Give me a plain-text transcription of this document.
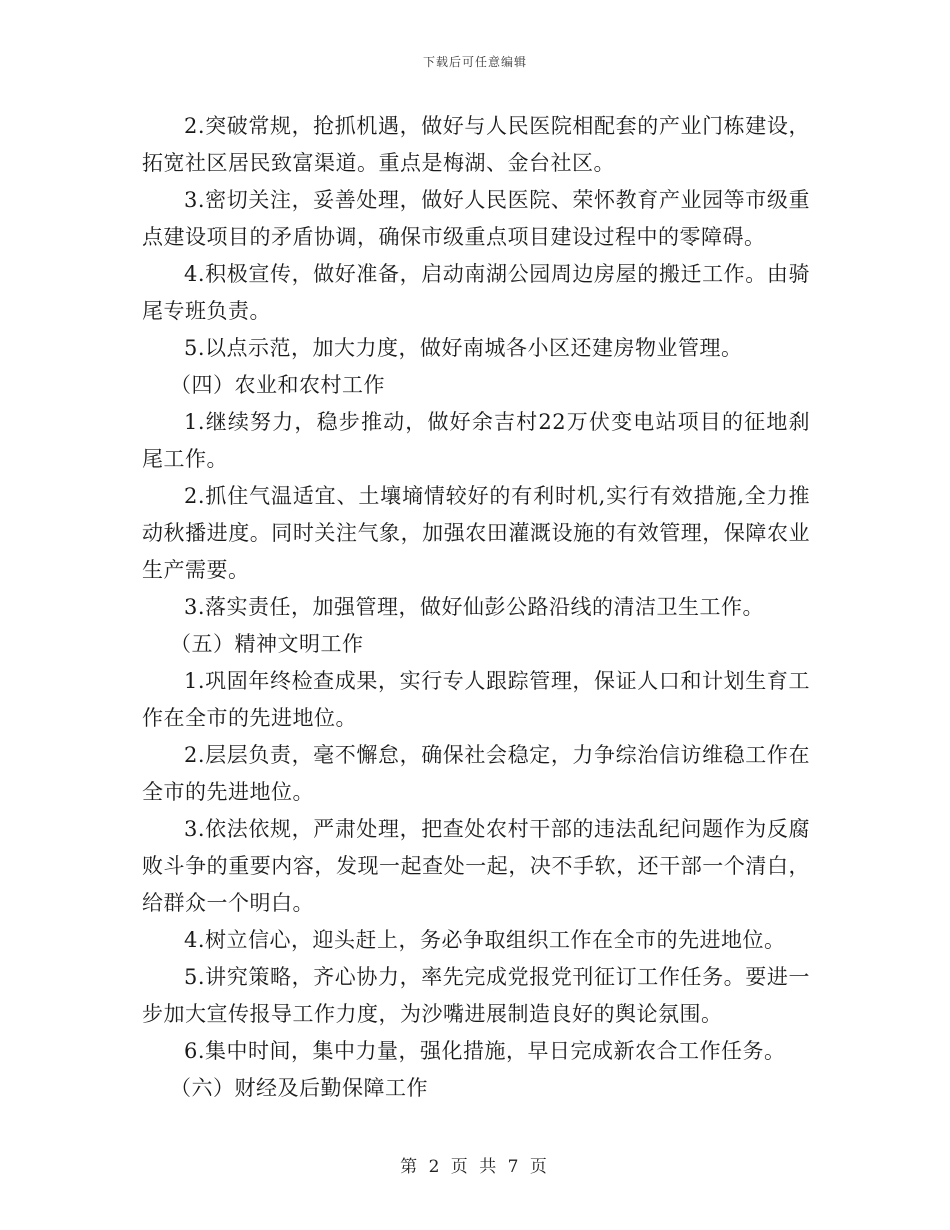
下载后可任意编辑

2.突破常规，抢抓机遇，做好与人民医院相配套的产业门栋建设，拓宽社区居民致富渠道。重点是梅湖、金台社区。

3.密切关注，妥善处理，做好人民医院、荣怀教育产业园等市级重点建设项目的矛盾协调，确保市级重点项目建设过程中的零障碍。

4.积极宣传，做好准备，启动南湖公园周边房屋的搬迁工作。由骑尾专班负责。

5.以点示范，加大力度，做好南城各小区还建房物业管理。

（四）农业和农村工作

1.继续努力，稳步推动，做好余吉村22万伏变电站项目的征地刹尾工作。

2.抓住气温适宜、土壤墒情较好的有利时机,实行有效措施,全力推动秋播进度。同时关注气象，加强农田灌溉设施的有效管理，保障农业生产需要。

3.落实责任，加强管理，做好仙彭公路沿线的清洁卫生工作。

（五）精神文明工作

1.巩固年终检查成果，实行专人跟踪管理，保证人口和计划生育工作在全市的先进地位。

2.层层负责，毫不懈怠，确保社会稳定，力争综治信访维稳工作在全市的先进地位。

3.依法依规，严肃处理，把查处农村干部的违法乱纪问题作为反腐败斗争的重要内容，发现一起查处一起，决不手软，还干部一个清白，给群众一个明白。

4.树立信心，迎头赶上，务必争取组织工作在全市的先进地位。

5.讲究策略，齐心协力，率先完成党报党刊征订工作任务。要进一步加大宣传报导工作力度，为沙嘴进展制造良好的舆论氛围。

6.集中时间，集中力量，强化措施，早日完成新农合工作任务。

（六）财经及后勤保障工作

第 2 页 共 7 页
